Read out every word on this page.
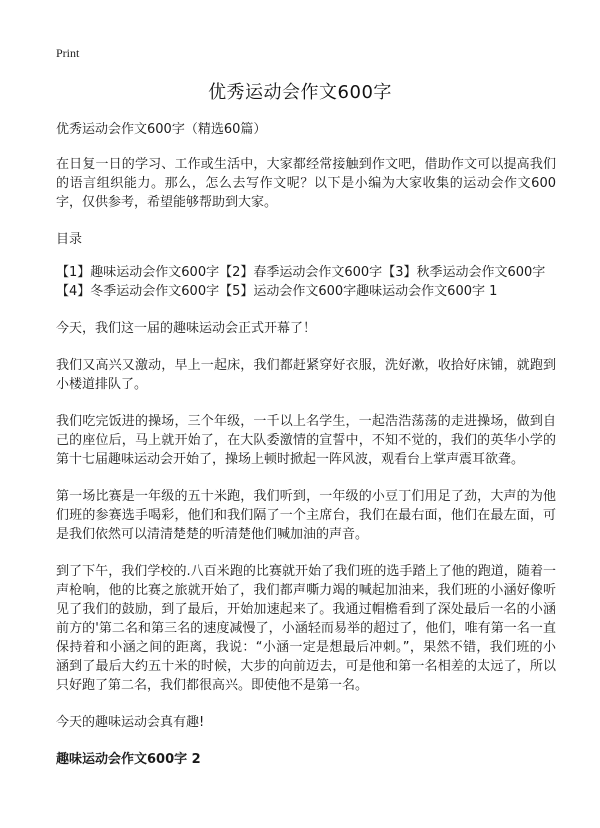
Print
优秀运动会作文600字

优秀运动会作文600字（精选60篇）

在日复一日的学习、工作或生活中，大家都经常接触到作文吧，借助作文可以提高我们的语言组织能力。那么，怎么去写作文呢？以下是小编为大家收集的运动会作文600字，仅供参考，希望能够帮助到大家。

目录

【1】趣味运动会作文600字【2】春季运动会作文600字【3】秋季运动会作文600字
【4】冬季运动会作文600字【5】运动会作文600字趣味运动会作文600字 1

今天，我们这一届的趣味运动会正式开幕了！

我们又高兴又激动，早上一起床，我们都赶紧穿好衣服，洗好漱，收拾好床铺，就跑到小楼道排队了。

我们吃完饭进的操场，三个年级，一千以上名学生，一起浩浩荡荡的走进操场，做到自己的座位后，马上就开始了，在大队委激情的宣誓中，不知不觉的，我们的英华小学的第十七届趣味运动会开始了，操场上顿时掀起一阵风波，观看台上掌声震耳欲聋。

第一场比赛是一年级的五十米跑，我们听到，一年级的小豆丁们用足了劲，大声的为他们班的参赛选手喝彩，他们和我们隔了一个主席台，我们在最右面，他们在最左面，可是我们依然可以清清楚楚的听清楚他们喊加油的声音。

到了下午，我们学校的.八百米跑的比赛就开始了我们班的选手踏上了他的跑道，随着一声枪响，他的比赛之旅就开始了，我们都声嘶力竭的喊起加油来，我们班的小涵好像听见了我们的鼓励，到了最后，开始加速起来了。我通过帽檐看到了深处最后一名的小涵前方的'第二名和第三名的速度减慢了，小涵轻而易举的超过了，他们，唯有第一名一直保持着和小涵之间的距离，我说：“小涵一定是想最后冲刺。”，果然不错，我们班的小涵到了最后大约五十米的时候，大步的向前迈去，可是他和第一名相差的太远了，所以只好跑了第二名，我们都很高兴。即使他不是第一名。

今天的趣味运动会真有趣!

趣味运动会作文600字 2
